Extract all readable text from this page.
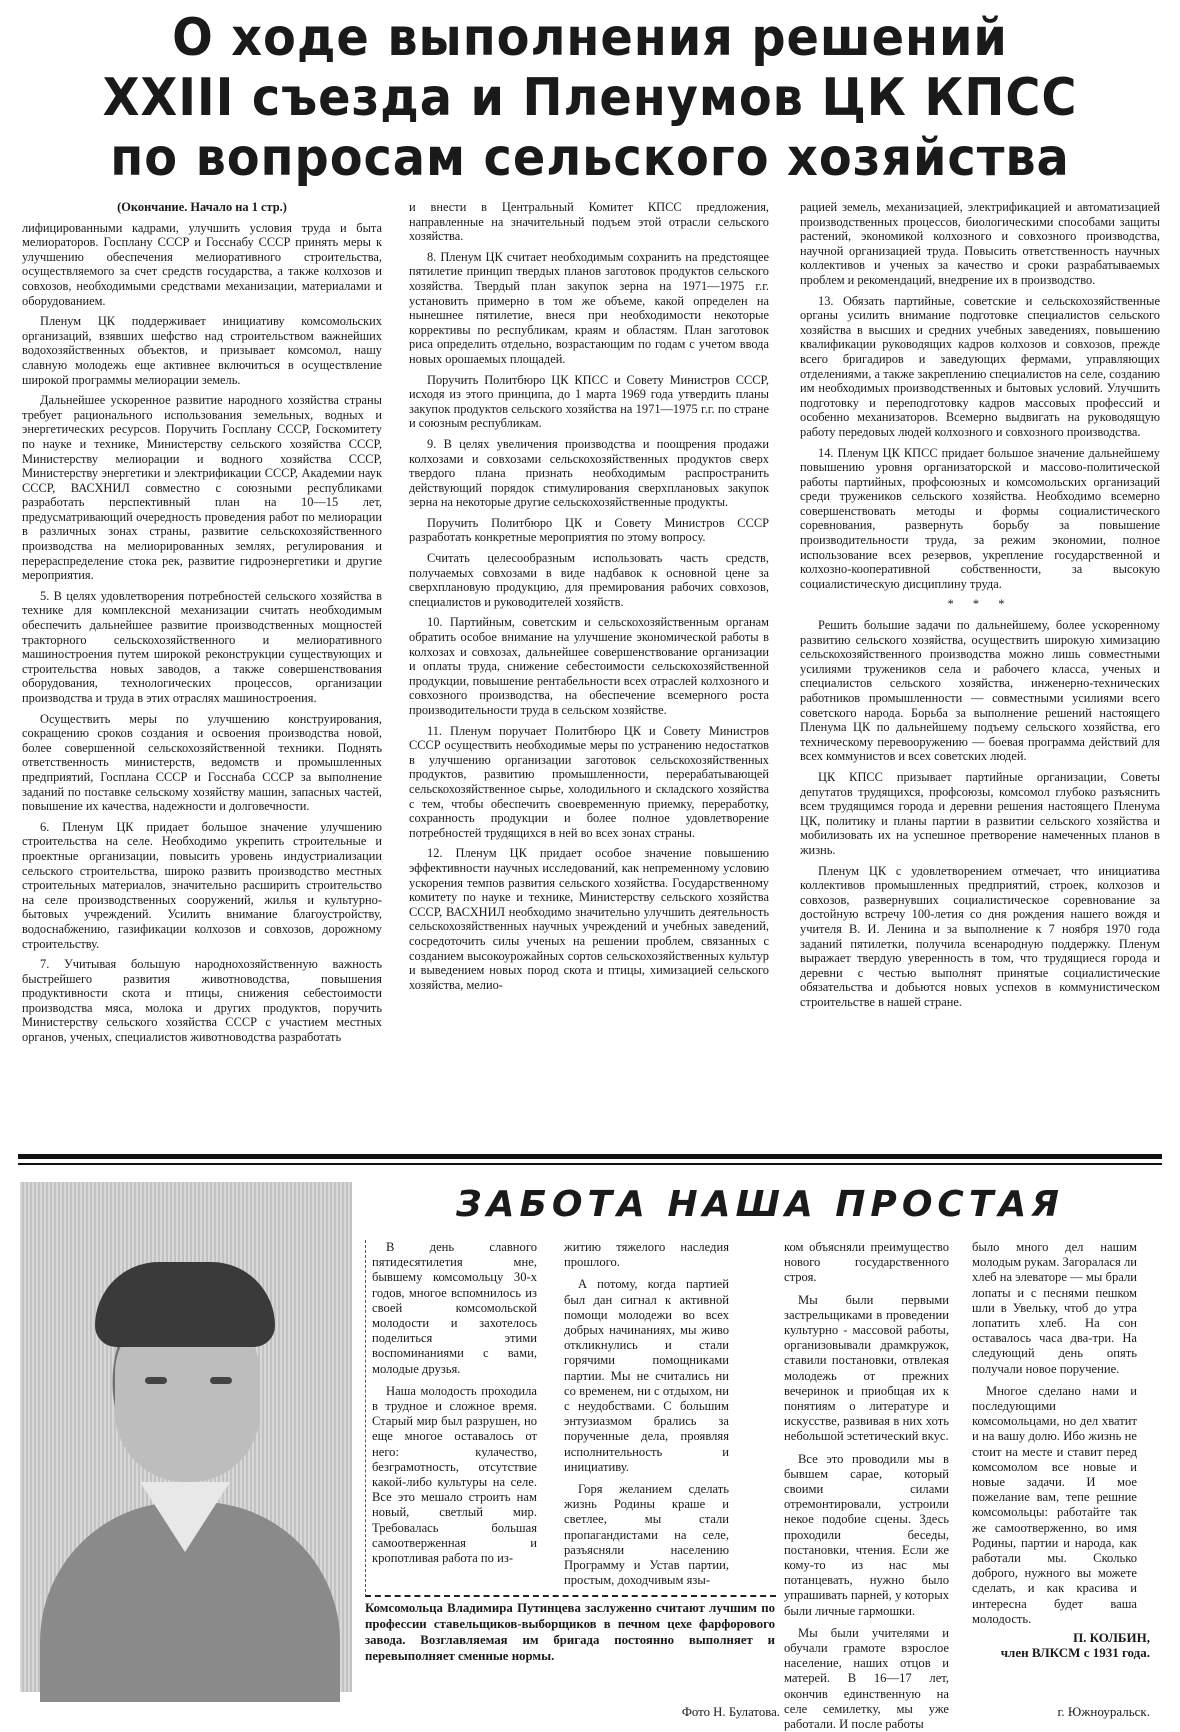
О ходе выполнения решений
XXIII съезда и Пленумов ЦК КПСС
по вопросам сельского хозяйства

(Окончание. Начало на 1 стр.)

лифицированными кадрами, улучшить условия труда и быта мелиораторов. Госплану СССР и Госснабу СССР принять меры к улучшению обеспечения мелиоративного строительства, осуществляемого за счет средств государства, а также колхозов и совхозов, необходимыми средствами механизации, материалами и оборудованием.

Пленум ЦК поддерживает инициативу комсомольских организаций, взявших шефство над строительством важнейших водохозяйственных объектов, и призывает комсомол, нашу славную молодежь еще активнее включиться в осуществление широкой программы мелиорации земель.

Дальнейшее ускоренное развитие народного хозяйства страны требует рационального использования земельных, водных и энергетических ресурсов. Поручить Госплану СССР, Госкомитету по науке и технике, Министерству сельского хозяйства СССР, Министерству мелиорации и водного хозяйства СССР, Министерству энергетики и электрификации СССР, Академии наук СССР, ВАСХНИЛ совместно с союзными республиками разработать перспективный план на 10—15 лет, предусматривающий очередность проведения работ по мелиорации в различных зонах страны, развитие сельскохозяйственного производства на мелиорированных землях, регулирования и перераспределение стока рек, развитие гидроэнергетики и другие мероприятия.

5. В целях удовлетворения потребностей сельского хозяйства в технике для комплексной механизации считать необходимым обеспечить дальнейшее развитие производственных мощностей тракторного сельскохозяйственного и мелиоративного машиностроения путем широкой реконструкции существующих и строительства новых заводов, а также совершенствования оборудования, технологических процессов, организации производства и труда в этих отраслях машиностроения.

Осуществить меры по улучшению конструирования, сокращению сроков создания и освоения производства новой, более совершенной сельскохозяйственной техники. Поднять ответственность министерств, ведомств и промышленных предприятий, Госплана СССР и Госснаба СССР за выполнение заданий по поставке сельскому хозяйству машин, запасных частей, повышение их качества, надежности и долговечности.

6. Пленум ЦК придает большое значение улучшению строительства на селе. Необходимо укрепить строительные и проектные организации, повысить уровень индустриализации сельского строительства, широко развить производство местных строительных материалов, значительно расширить строительство на селе производственных сооружений, жилья и культурно-бытовых учреждений. Усилить внимание благоустройству, водоснабжению, газификации колхозов и совхозов, дорожному строительству.

7. Учитывая большую народнохозяйственную важность быстрейшего развития животноводства, повышения продуктивности скота и птицы, снижения себестоимости производства мяса, молока и других продуктов, поручить Министерству сельского хозяйства СССР с участием местных органов, ученых, специалистов животноводства разработать

и внести в Центральный Комитет КПСС предложения, направленные на значительный подъем этой отрасли сельского хозяйства.

8. Пленум ЦК считает необходимым сохранить на предстоящее пятилетие принцип твердых планов заготовок продуктов сельского хозяйства. Твердый план закупок зерна на 1971—1975 г.г. установить примерно в том же объеме, какой определен на нынешнее пятилетие, внеся при необходимости некоторые коррективы по республикам, краям и областям. План заготовок риса определить отдельно, возрастающим по годам с учетом ввода новых орошаемых площадей.

Поручить Политбюро ЦК КПСС и Совету Министров СССР, исходя из этого принципа, до 1 марта 1969 года утвердить планы закупок продуктов сельского хозяйства на 1971—1975 г.г. по стране и союзным республикам.

9. В целях увеличения производства и поощрения продажи колхозами и совхозами сельскохозяйственных продуктов сверх твердого плана признать необходимым распространить действующий порядок стимулирования сверхплановых закупок зерна на некоторые другие сельскохозяйственные продукты.

Поручить Политбюро ЦК и Совету Министров СССР разработать конкретные мероприятия по этому вопросу.

Считать целесообразным использовать часть средств, получаемых совхозами в виде надбавок к основной цене за сверхплановую продукцию, для премирования рабочих совхозов, специалистов и руководителей хозяйств.

10. Партийным, советским и сельскохозяйственным органам обратить особое внимание на улучшение экономической работы в колхозах и совхозах, дальнейшее совершенствование организации и оплаты труда, снижение себестоимости сельскохозяйственной продукции, повышение рентабельности всех отраслей колхозного и совхозного производства, на обеспечение всемерного роста производительности труда в сельском хозяйстве.

11. Пленум поручает Политбюро ЦК и Совету Министров СССР осуществить необходимые меры по устранению недостатков в улучшению организации заготовок сельскохозяйственных продуктов, развитию промышленности, перерабатывающей сельскохозяйственное сырье, холодильного и складского хозяйства с тем, чтобы обеспечить своевременную приемку, переработку, сохранность продукции и более полное удовлетворение потребностей трудящихся в ней во всех зонах страны.

12. Пленум ЦК придает особое значение повышению эффективности научных исследований, как непременному условию ускорения темпов развития сельского хозяйства. Государственному комитету по науке и технике, Министерству сельского хозяйства СССР, ВАСХНИЛ необходимо значительно улучшить деятельность сельскохозяйственных научных учреждений и учебных заведений, сосредоточить силы ученых на решении проблем, связанных с созданием высокоурожайных сортов сельскохозяйственных культур и выведением новых пород скота и птицы, химизацией сельского хозяйства, мелио-

рацией земель, механизацией, электрификацией и автоматизацией производственных процессов, биологическими способами защиты растений, экономикой колхозного и совхозного производства, научной организацией труда. Повысить ответственность научных коллективов и ученых за качество и сроки разрабатываемых проблем и рекомендаций, внедрение их в производство.

13. Обязать партийные, советские и сельскохозяйственные органы усилить внимание подготовке специалистов сельского хозяйства в высших и средних учебных заведениях, повышению квалификации руководящих кадров колхозов и совхозов, прежде всего бригадиров и заведующих фермами, управляющих отделениями, а также закреплению специалистов на селе, созданию им необходимых производственных и бытовых условий. Улучшить подготовку и переподготовку кадров массовых профессий и особенно механизаторов. Всемерно выдвигать на руководящую работу передовых людей колхозного и совхозного производства.

14. Пленум ЦК КПСС придает большое значение дальнейшему повышению уровня организаторской и массово-политической работы партийных, профсоюзных и комсомольских организаций среди тружеников сельского хозяйства. Необходимо всемерно совершенствовать методы и формы социалистического соревнования, развернуть борьбу за повышение производительности труда, за режим экономии, полное использование всех резервов, укрепление государственной и колхозно-кооперативной собственности, за высокую социалистическую дисциплину труда.

* * *

Решить большие задачи по дальнейшему, более ускоренному развитию сельского хозяйства, осуществить широкую химизацию сельскохозяйственного производства можно лишь совместными усилиями тружеников села и рабочего класса, ученых и специалистов сельского хозяйства, инженерно-технических работников промышленности — совместными усилиями всего советского народа. Борьба за выполнение решений настоящего Пленума ЦК по дальнейшему подъему сельского хозяйства, его техническому перевооружению — боевая программа действий для всех коммунистов и всех советских людей.

ЦК КПСС призывает партийные организации, Советы депутатов трудящихся, профсоюзы, комсомол глубоко разъяснить всем трудящимся города и деревни решения настоящего Пленума ЦК, политику и планы партии в развитии сельского хозяйства и мобилизовать их на успешное претворение намеченных планов в жизнь.

Пленум ЦК с удовлетворением отмечает, что инициатива коллективов промышленных предприятий, строек, колхозов и совхозов, развернувших социалистическое соревнование за достойную встречу 100-летия со дня рождения нашего вождя и учителя В. И. Ленина и за выполнение к 7 ноября 1970 года заданий пятилетки, получила всенародную поддержку. Пленум выражает твердую уверенность в том, что трудящиеся города и деревни с честью выполнят принятые социалистические обязательства и добьются новых успехов в коммунистическом строительстве в нашей стране.

ЗАБОТА НАША ПРОСТАЯ

В день славного пятидесятилетия мне, бывшему комсомольцу 30-х годов, многое вспомнилось из своей комсомольской молодости и захотелось поделиться этими воспоминаниями с вами, молодые друзья.

Наша молодость проходила в трудное и сложное время. Старый мир был разрушен, но еще многое оставалось от него: кулачество, безграмотность, отсутствие какой-либо культуры на селе. Все это мешало строить нам новый, светлый мир. Требовалась большая самоотверженная и кропотливая работа по из-

житию тяжелого наследия прошлого.

А потому, когда партией был дан сигнал к активной помощи молодежи во всех добрых начинаниях, мы живо откликнулись и стали горячими помощниками партии. Мы не считались ни со временем, ни с отдыхом, ни с неудобствами. С большим энтузиазмом брались за порученные дела, проявляя исполнительность и инициативу.

Горя желанием сделать жизнь Родины краше и светлее, мы стали пропагандистами на селе, разъясняли населению Программу и Устав партии, простым, доходчивым язы-

ком объясняли преимущество нового государственного строя.

Мы были первыми застрельщиками в проведении культурно - массовой работы, организовывали драмкружок, ставили постановки, отвлекая молодежь от прежних вечеринок и приобщая их к понятиям о литературе и искусстве, развивая в них хоть небольшой эстетический вкус.

Все это проводили мы в бывшем сарае, который своими силами отремонтировали, устроили некое подобие сцены. Здесь проходили беседы, постановки, чтения. Если же кому-то из нас мы потанцевать, нужно было упрашивать парней, у которых были личные гармошки.

Мы были учителями и обучали грамоте взрослое население, наших отцов и матерей. В 16—17 лет, окончив единственную на селе семилетку, мы уже работали. И после работы

было много дел нашим молодым рукам. Загоралася ли хлеб на элеваторе — мы брали лопаты и с песнями пешком шли в Увельку, чтоб до утра лопатить хлеб. На сон оставалось часа два-три. На следующий день опять получали новое поручение.

Многое сделано нами и последующими комсомольцами, но дел хватит и на вашу долю. Ибо жизнь не стоит на месте и ставит перед комсомолом все новые и новые задачи. И мое пожелание вам, тепе решние комсомольцы: работайте так же самоотверженно, во имя Родины, партии и народа, как работали мы. Сколько доброго, нужного вы можете сделать, и как красива и интересна будет ваша молодость.

Комсомольца Владимира Путинцева заслуженно считают лучшим по профессии ставельщиков-выборщиков в печном цехе фарфорового завода. Возглавляемая им бригада постоянно выполняет и перевыполняет сменные нормы.
Фото Н. Булатова.
П. КОЛБИН,
член ВЛКСМ с 1931 года.
г. Южноуральск.
